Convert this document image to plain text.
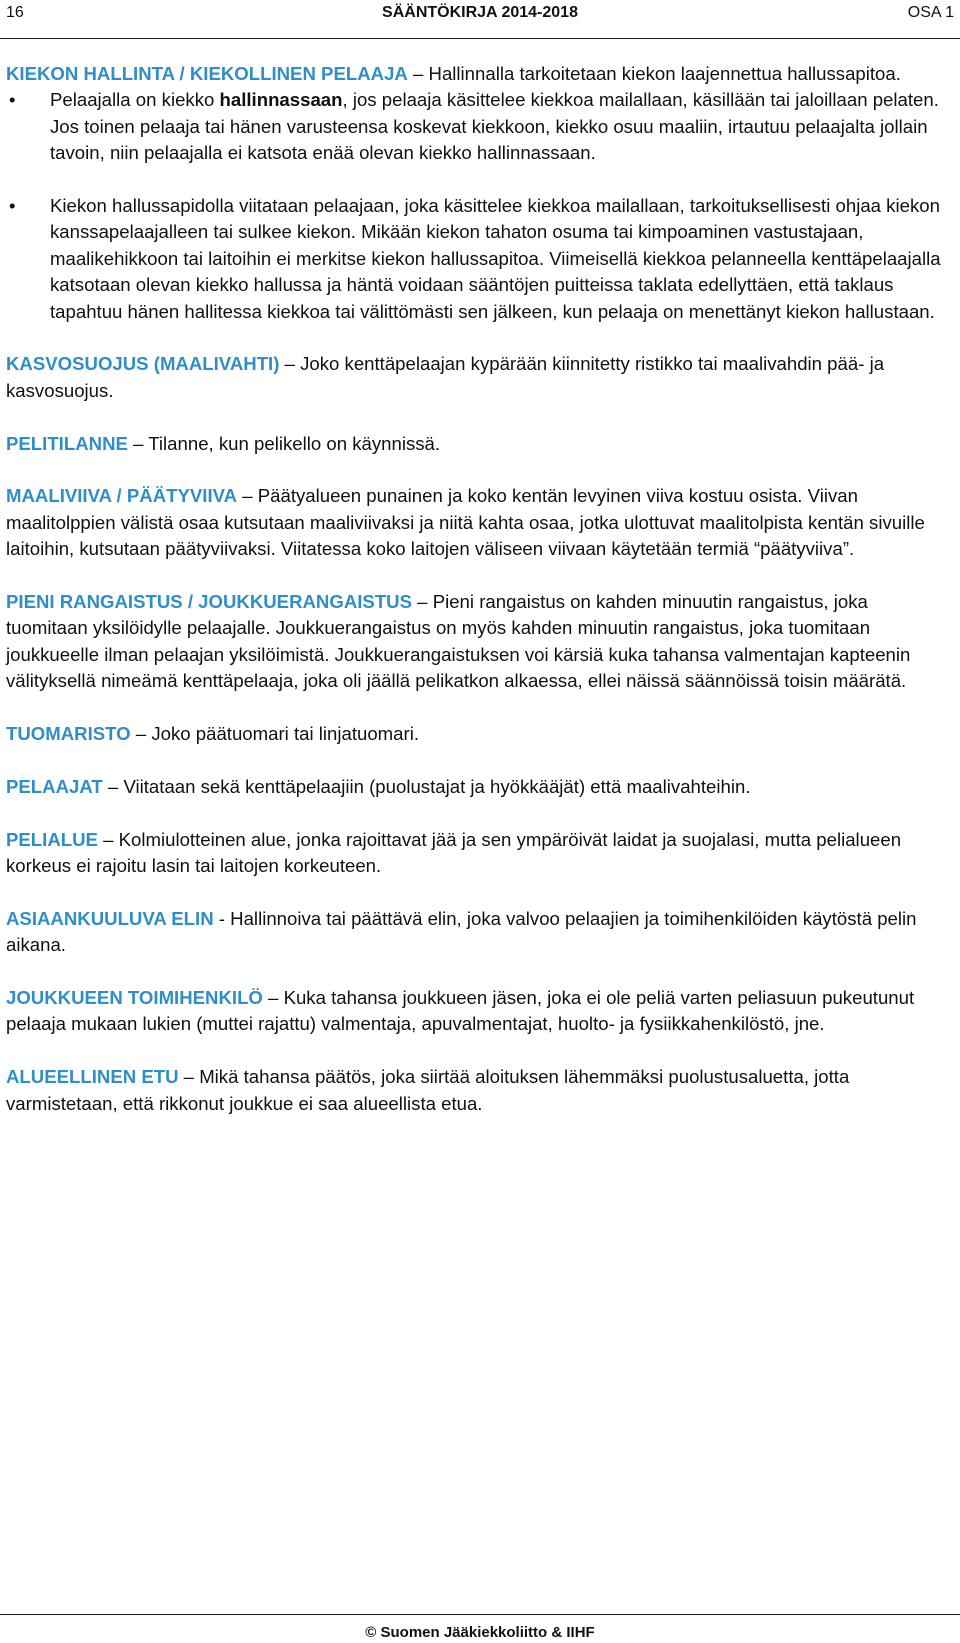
16	SÄÄNTÖKIRJA 2014-2018	OSA 1
KIEKON HALLINTA / KIEKOLLINEN PELAAJA – Hallinnalla tarkoitetaan kiekon laajennettua hallussapitoa.
• Pelaajalla on kiekko hallinnassaan, jos pelaaja käsittelee kiekkoa mailallaan, käsillään tai jaloillaan pelaten. Jos toinen pelaaja tai hänen varusteensa koskevat kiekkoon, kiekko osuu maaliin, irtautuu pelaajalta jollain tavoin, niin pelaajalla ei katsota enää olevan kiekko hallinnassaan.
• Kiekon hallussapidolla viitataan pelaajaan, joka käsittelee kiekkoa mailallaan, tarkoituksellisesti ohjaa kiekon kanssapelaajalleen tai sulkee kiekon. Mikään kiekon tahaton osuma tai kimpoaminen vastustajaan, maalikehikkoon tai laitoihin ei merkitse kiekon hallussapitoa. Viimeisellä kiekkoa pelanneella kenttäpelaajalla katsotaan olevan kiekko hallussa ja häntä voidaan sääntöjen puitteissa taklata edellyttäen, että taklaus tapahtuu hänen hallitessa kiekkoa tai välittömästi sen jälkeen, kun pelaaja on menettänyt kiekon hallustaan.
KASVOSUOJUS (MAALIVAHTI) – Joko kenttäpelaajan kypärään kiinnitetty ristikko tai maalivahdin pää- ja kasvosuojus.
PELITILANNE – Tilanne, kun pelikello on käynnissä.
MAALIVIIVA / PÄÄTYVIIVA – Päätyalueen punainen ja koko kentän levyinen viiva kostuu osista. Viivan maalitolppien välistä osaa kutsutaan maaliviivaksi ja niitä kahta osaa, jotka ulottuvat maalitolpista kentän sivuille laitoihin, kutsutaan päätyviivaksi. Viitatessa koko laitojen väliseen viivaan käytetään termiä “päätyviiva”.
PIENI RANGAISTUS / JOUKKUERANGAISTUS – Pieni rangaistus on kahden minuutin rangaistus, joka tuomitaan yksilöidylle pelaajalle. Joukkuerangaistus on myös kahden minuutin rangaistus, joka tuomitaan joukkueelle ilman pelaajan yksilöimistä. Joukkuerangaistuksen voi kärsiä kuka tahansa valmentajan kapteenin välityksellä nimeämä kenttäpelaaja, joka oli jäällä pelikatkon alkaessa, ellei näissä säännöissä toisin määrätä.
TUOMARISTO – Joko päätuomari tai linjatuomari.
PELAAJAT – Viitataan sekä kenttäpelaajiin (puolustajat ja hyökkääjät) että maalivahteihin.
PELIALUE – Kolmiulotteinen alue, jonka rajoittavat jää ja sen ympäröivät laidat ja suojalasi, mutta pelialueen korkeus ei rajoitu lasin tai laitojen korkeuteen.
ASIAANKUULUVA ELIN - Hallinnoiva tai päättävä elin, joka valvoo pelaajien ja toimihenkilöiden käytöstä pelin aikana.
JOUKKUEEN TOIMIHENKILÖ – Kuka tahansa joukkueen jäsen, joka ei ole peliä varten peliasuun pukeutunut pelaaja mukaan lukien (muttei rajattu) valmentaja, apuvalmentajat, huolto- ja fysiikkahenkilöstö, jne.
ALUEELLINEN ETU – Mikä tahansa päätös, joka siirtää aloituksen lähemmäksi puolustusaluetta, jotta varmistetaan, että rikkonut joukkue ei saa alueellista etua.
© Suomen Jääkiekkoliitto & IIHF
